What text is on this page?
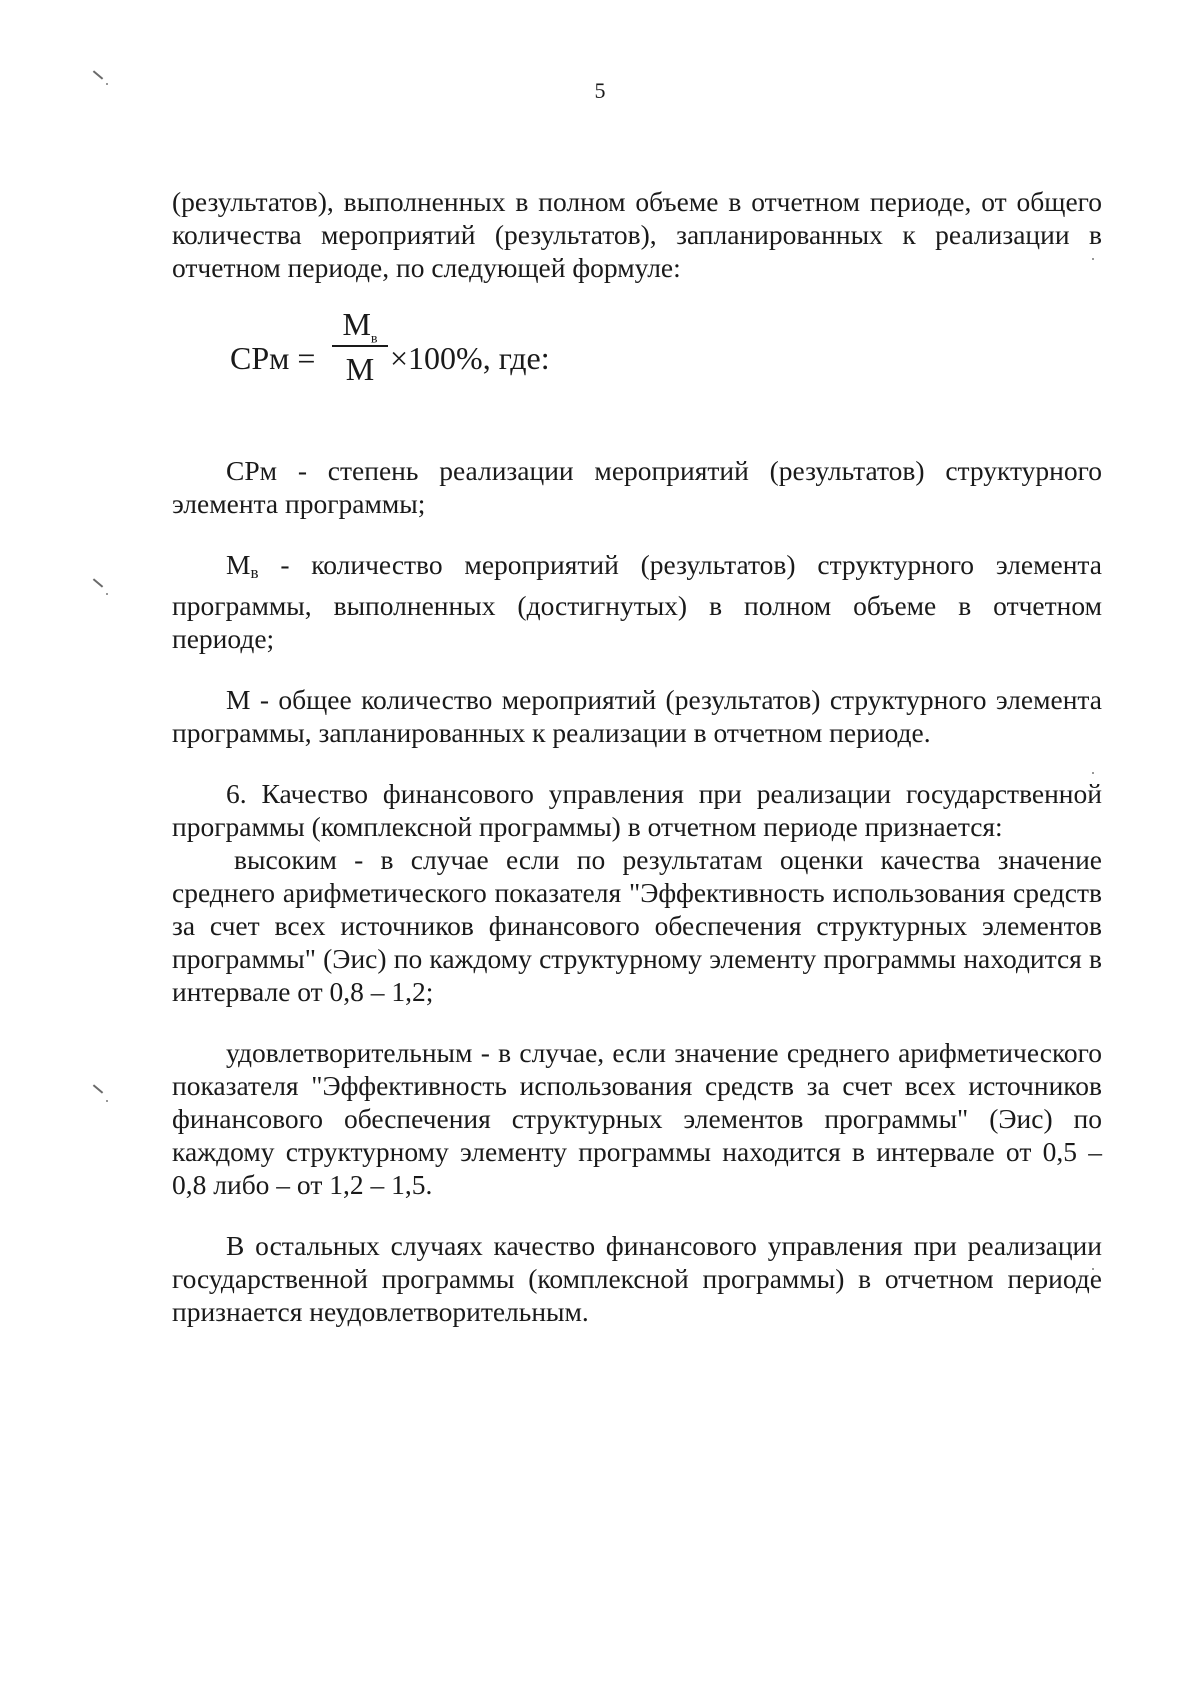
5

(результатов), выполненных в полном объеме в отчетном периоде, от общего количества мероприятий (результатов), запланированных к реализации в отчетном периоде, по следующей формуле:

СРм =
$М_в$
М ×100%, где:

СРм - степень реализации мероприятий (результатов) структурного элемента программы;

Мв - количество мероприятий (результатов) структурного элемента программы, выполненных (достигнутых) в полном объеме в отчетном периоде;

М - общее количество мероприятий (результатов) структурного элемента программы, запланированных к реализации в отчетном периоде.

6. Качество финансового управления при реализации государственной программы (комплексной программы) в отчетном периоде признается:

высоким - в случае если по результатам оценки качества значение среднего арифметического показателя "Эффективность использования средств за счет всех источников финансового обеспечения структурных элементов программы" (Эис) по каждому структурному элементу программы находится в интервале от 0,8 – 1,2;

удовлетворительным - в случае, если значение среднего арифметического показателя "Эффективность использования средств за счет всех источников финансового обеспечения структурных элементов программы" (Эис) по каждому структурному элементу программы находится в интервале от 0,5 – 0,8 либо – от 1,2 – 1,5.

В остальных случаях качество финансового управления при реализации государственной программы (комплексной программы) в отчетном периоде признается неудовлетворительным.
